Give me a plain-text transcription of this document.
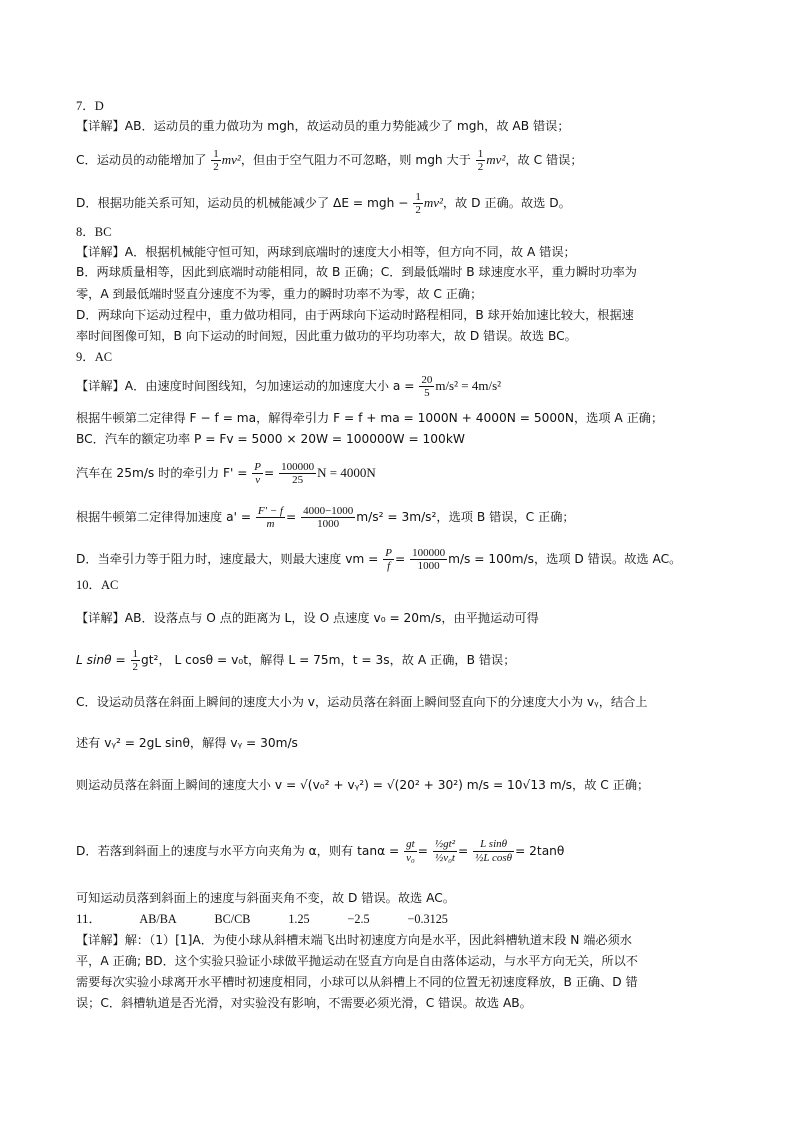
7．D
【详解】AB．运动员的重力做功为 mgh，故运动员的重力势能减少了 mgh，故 AB 错误；
C．运动员的动能增加了 $\frac{1}{2} mv^2$，但由于空气阻力不可忽略，则 mgh 大于 $\frac{1}{2} mv^2$，故 C 错误；
D．根据功能关系可知，运动员的机械能减少了 ΔE = mgh − $\frac{1}{2} mv^2$，故 D 正确。故选 D。
8．BC
【详解】A．根据机械能守恒可知，两球到底端时的速度大小相等，但方向不同，故 A 错误；
B．两球质量相等，因此到底端时动能相同，故 B 正确；C．到最低端时 B 球速度水平，重力瞬时功率为
零，A 到最低端时竖直分速度不为零，重力的瞬时功率不为零，故 C 正确；
D．两球向下运动过程中，重力做功相同，由于两球向下运动时路程相同，B 球开始加速比较大，根据速
率时间图像可知，B 向下运动的时间短，因此重力做功的平均功率大，故 D 错误。故选 BC。
9．AC
【详解】A．由速度时间图线知，匀加速运动的加速度大小 $a = \frac{20}{5} m/s^2 = 4m/s^2$
根据牛顿第二定律得 F − f = ma，解得牵引力 F = f + ma = 1000N + 4000N = 5000N，选项 A 正确；
BC．汽车的额定功率 P = Fv = 5000 × 20W = 100000W = 100kW
汽车在 25m/s 时的牵引力 $F' = \frac{P}{v} = \frac{100000}{25}$ N = 4000N
根据牛顿第二定律得加速度 $a' = \frac{F' - f}{m} = \frac{4000-1000}{1000} m/s^2 = 3m/s^2$，选项 B 错误，C 正确；
D．当牵引力等于阻力时，速度最大，则最大速度 vm = $\frac{P}{f} = \frac{100000}{1000} m/s = 100m/s$，选项 D 错误。故选 AC。
10．AC
【详解】AB．设落点与 O 点的距离为 L，设 O 点速度 v₀ = 20m/s，由平抛运动可得
L $\sin\theta = \frac{1}{2} gt^2$， L cosθ = v₀t，解得 L = 75m，t = 3s，故 A 正确，B 错误；
C．设运动员落在斜面上瞬间的速度大小为 v，运动员落在斜面上瞬间竖直向下的分速度大小为 vᵧ，结合上
述有 vᵧ² = 2gL sinθ，解得 vᵧ = 30m/s
则运动员落在斜面上瞬间的速度大小 v = √(v₀² + vᵧ²) = √(20² + 30²) m/s = 10√13 m/s，故 C 正确；
D．若落到斜面上的速度与水平方向夹角为 α，则有 $\tan\alpha = \frac{gt}{\text{v₀}} = \frac{\text{½gt²}}{\text{½v₀t}} = \frac{\text{L sinθ}}{\text{½L cosθ}} = 2\tan\theta$
可知运动员落到斜面上的速度与斜面夹角不变，故 D 错误。故选 AC。
11．	AB/BA	BC/CB	1.25	−2.5	−0.3125
【详解】解：（1）[1]A．为使小球从斜槽末端飞出时初速度方向是水平，因此斜槽轨道末段 N 端必须水
平，A 正确; BD．这个实验只验证小球做平抛运动在竖直方向是自由落体运动，与水平方向无关，所以不
需要每次实验小球离开水平槽时初速度相同，小球可以从斜槽上不同的位置无初速度释放，B 正确、D 错
误；C．斜槽轨道是否光滑，对实验没有影响，不需要必须光滑，C 错误。故选 AB。
